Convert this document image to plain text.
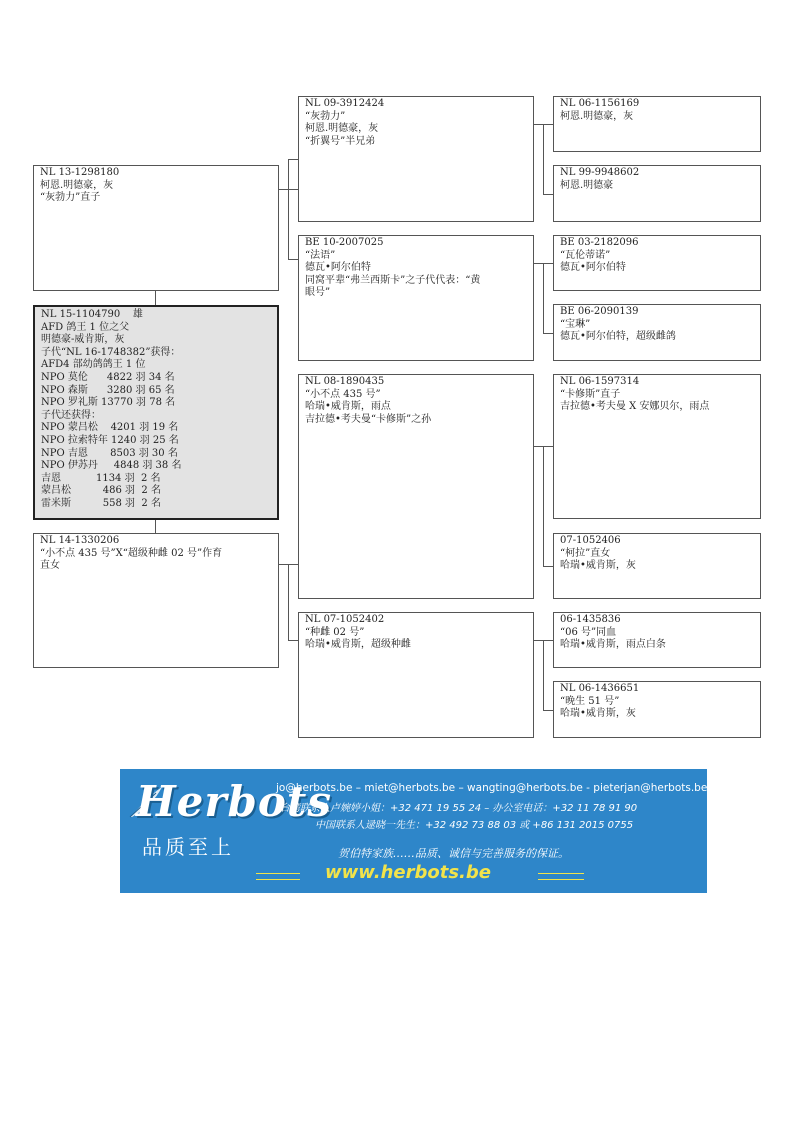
NL 13-1298180
柯恩.明德豪，灰
“灰勃力”直子
NL 15-1104790    雄
AFD 鸽王 1 位之父
明德豪-威肯斯，灰
子代“NL 16-1748382”获得：
AFD4 部幼鸽鸽王 1 位
NPO 莫伦      4822 羽 34 名
NPO 森斯      3280 羽 65 名
NPO 罗礼斯 13770 羽 78 名
子代还获得：
NPO 蒙吕松    4201 羽 19 名
NPO 拉索特年 1240 羽 25 名
NPO 吉恩       8503 羽 30 名
NPO 伊苏丹     4848 羽 38 名
吉恩           1134 羽  2 名
蒙吕松          486 羽  2 名
雷米斯          558 羽  2 名
NL 14-1330206
“小不点 435 号”X“超级种雌 02 号”作育
直女
NL 09-3912424
“灰勃力”
柯恩.明德豪，灰
“折翼号”半兄弟
BE 10-2007025
“法语”
德瓦•阿尔伯特
同窝平辈“弗兰西斯卡”之子代代表：“黄
眼号”
NL 08-1890435
“小不点 435 号”
哈瑞•威肯斯，雨点
吉拉德•考夫曼“卡修斯”之孙
NL 07-1052402
“种雌 02 号”
哈瑞•威肯斯，超级种雌
NL 06-1156169
柯恩.明德豪，灰
NL 99-9948602
柯恩.明德豪
BE 03-2182096
“瓦伦蒂诺”
德瓦•阿尔伯特
BE 06-2090139
“宝琳”
德瓦•阿尔伯特，超级雌鸽
NL 06-1597314
“卡修斯”直子
吉拉德•考夫曼 X 安娜贝尔，雨点
07-1052406
“柯拉”直女
哈瑞•威肯斯，灰
06-1435836
“06 号”同血
哈瑞•威肯斯，雨点白条
NL 06-1436651
“晚生 51 号”
哈瑞•威肯斯，灰
Herbots
品质至上
jo@herbots.be – miet@herbots.be – wangting@herbots.be - pieterjan@herbots.be
台湾联系人卢婉婷小姐：+32 471 19 55 24 – 办公室电话：+32 11 78 91 90
中国联系人逯晓一先生：+32 492 73 88 03 或 +86 131 2015 0755
贺伯特家族……品质、诚信与完善服务的保证。
www.herbots.be
